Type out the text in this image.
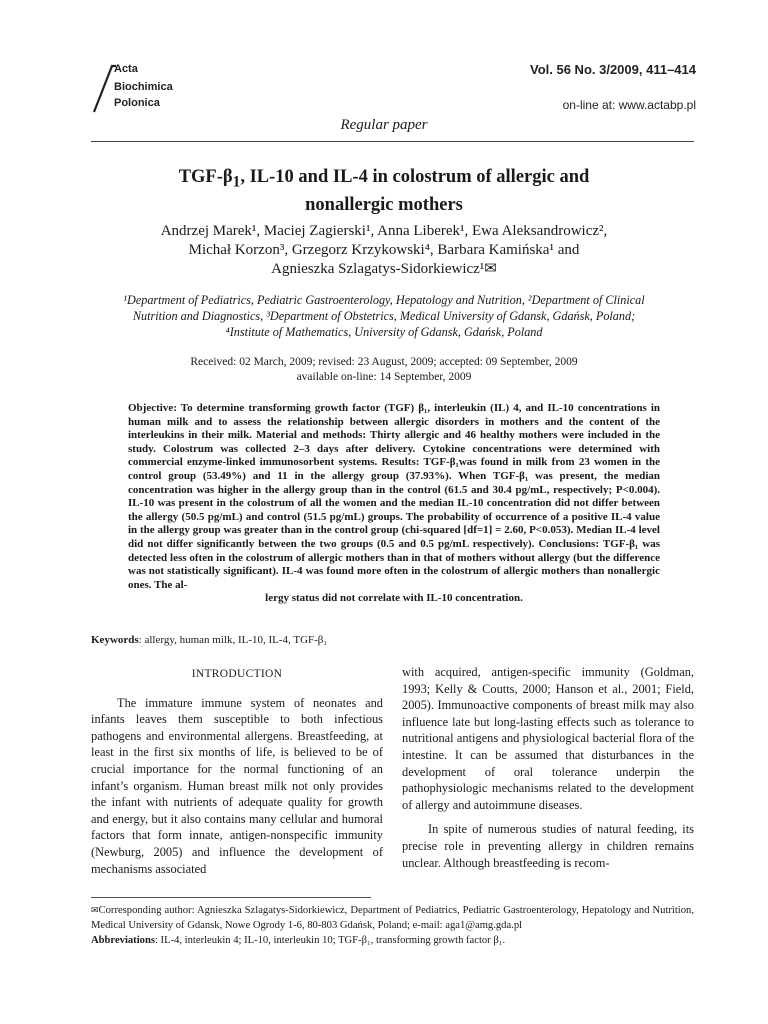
Acta
Biochimica
Polonica
Vol. 56 No. 3/2009, 411–414
on-line at: www.actabp.pl
Regular paper
TGF-$\beta_1$, IL-10 and IL-4 in colostrum of allergic and
nonallergic mothers
Andrzej Marek¹, Maciej Zagierski¹, Anna Liberek¹, Ewa Aleksandrowicz²,
Michał Korzon³, Grzegorz Krzykowski⁴, Barbara Kamińska¹ and
Agnieszka Szlagatys-Sidorkiewicz¹✉
¹Department of Pediatrics, Pediatric Gastroenterology, Hepatology and Nutrition, ²Department of Clinical
Nutrition and Diagnostics, ³Department of Obstetrics, Medical University of Gdansk, Gdańsk, Poland;
⁴Institute of Mathematics, University of Gdansk, Gdańsk, Poland
Received: 02 March, 2009; revised: 23 August, 2009; accepted: 09 September, 2009
available on-line: 14 September, 2009
Objective: To determine transforming growth factor (TGF) β₁, interleukin (IL) 4, and IL-10 concentrations in human milk and to assess the relationship between allergic disorders in mothers and the content of the interleukins in their milk. Material and methods: Thirty allergic and 46 healthy mothers were included in the study. Colostrum was collected 2–3 days after delivery. Cytokine concentrations were determined with commercial enzyme-linked immunosorbent systems. Results: TGF-β₁was found in milk from 23 women in the control group (53.49%) and 11 in the allergy group (37.93%). When TGF-β₁ was present, the median concentration was higher in the allergy group than in the control (61.5 and 30.4 pg/mL, respectively; P<0.004). IL-10 was present in the colostrum of all the women and the median IL-10 concentration did not differ between the allergy (50.5 pg/mL) and control (51.5 pg/mL) groups. The probability of occurrence of a positive IL-4 value in the allergy group was greater than in the control group (chi-squared [df=1] = 2.60, P<0.053). Median IL-4 level did not differ significantly between the two groups (0.5 and 0.5 pg/mL respectively). Conclusions: TGF-β₁ was detected less often in the colostrum of allergic mothers than in that of mothers without allergy (but the difference was not statistically significant). IL-4 was found more often in the colostrum of allergic mothers than nonallergic ones. The al-
lergy status did not correlate with IL-10 concentration.
Keywords: allergy, human milk, IL-10, IL-4, TGF-β₁
INTRODUCTION

The immature immune system of neonates and infants leaves them susceptible to both infectious pathogens and environmental allergens. Breastfeeding, at least in the first six months of life, is believed to be of crucial importance for the normal functioning of an infant’s organism. Human breast milk not only provides the infant with nutrients of adequate quality for growth and energy, but it also contains many cellular and humoral factors that form innate, antigen-nonspecific immunity (Newburg, 2005) and influence the development of mechanisms associated

with acquired, antigen-specific immunity (Goldman, 1993; Kelly & Coutts, 2000; Hanson et al., 2001; Field, 2005). Immunoactive components of breast milk may also influence late but long-lasting effects such as tolerance to nutritional antigens and physiological bacterial flora of the intestine. It can be assumed that disturbances in the development of oral tolerance underpin the pathophysiologic mechanisms related to the development of allergy and autoimmune diseases.

In spite of numerous studies of natural feeding, its precise role in preventing allergy in children remains unclear. Although breastfeeding is recom-

✉Corresponding author: Agnieszka Szlagatys-Sidorkiewicz, Department of Pediatrics, Pediatric Gastroenterology, Hepatology and Nutrition, Medical University of Gdansk, Nowe Ogrody 1-6, 80-803 Gdańsk, Poland; e-mail: aga1@amg.gda.pl

Abbreviations: IL-4, interleukin 4; IL-10, interleukin 10; TGF-β₁, transforming growth factor β₁.
